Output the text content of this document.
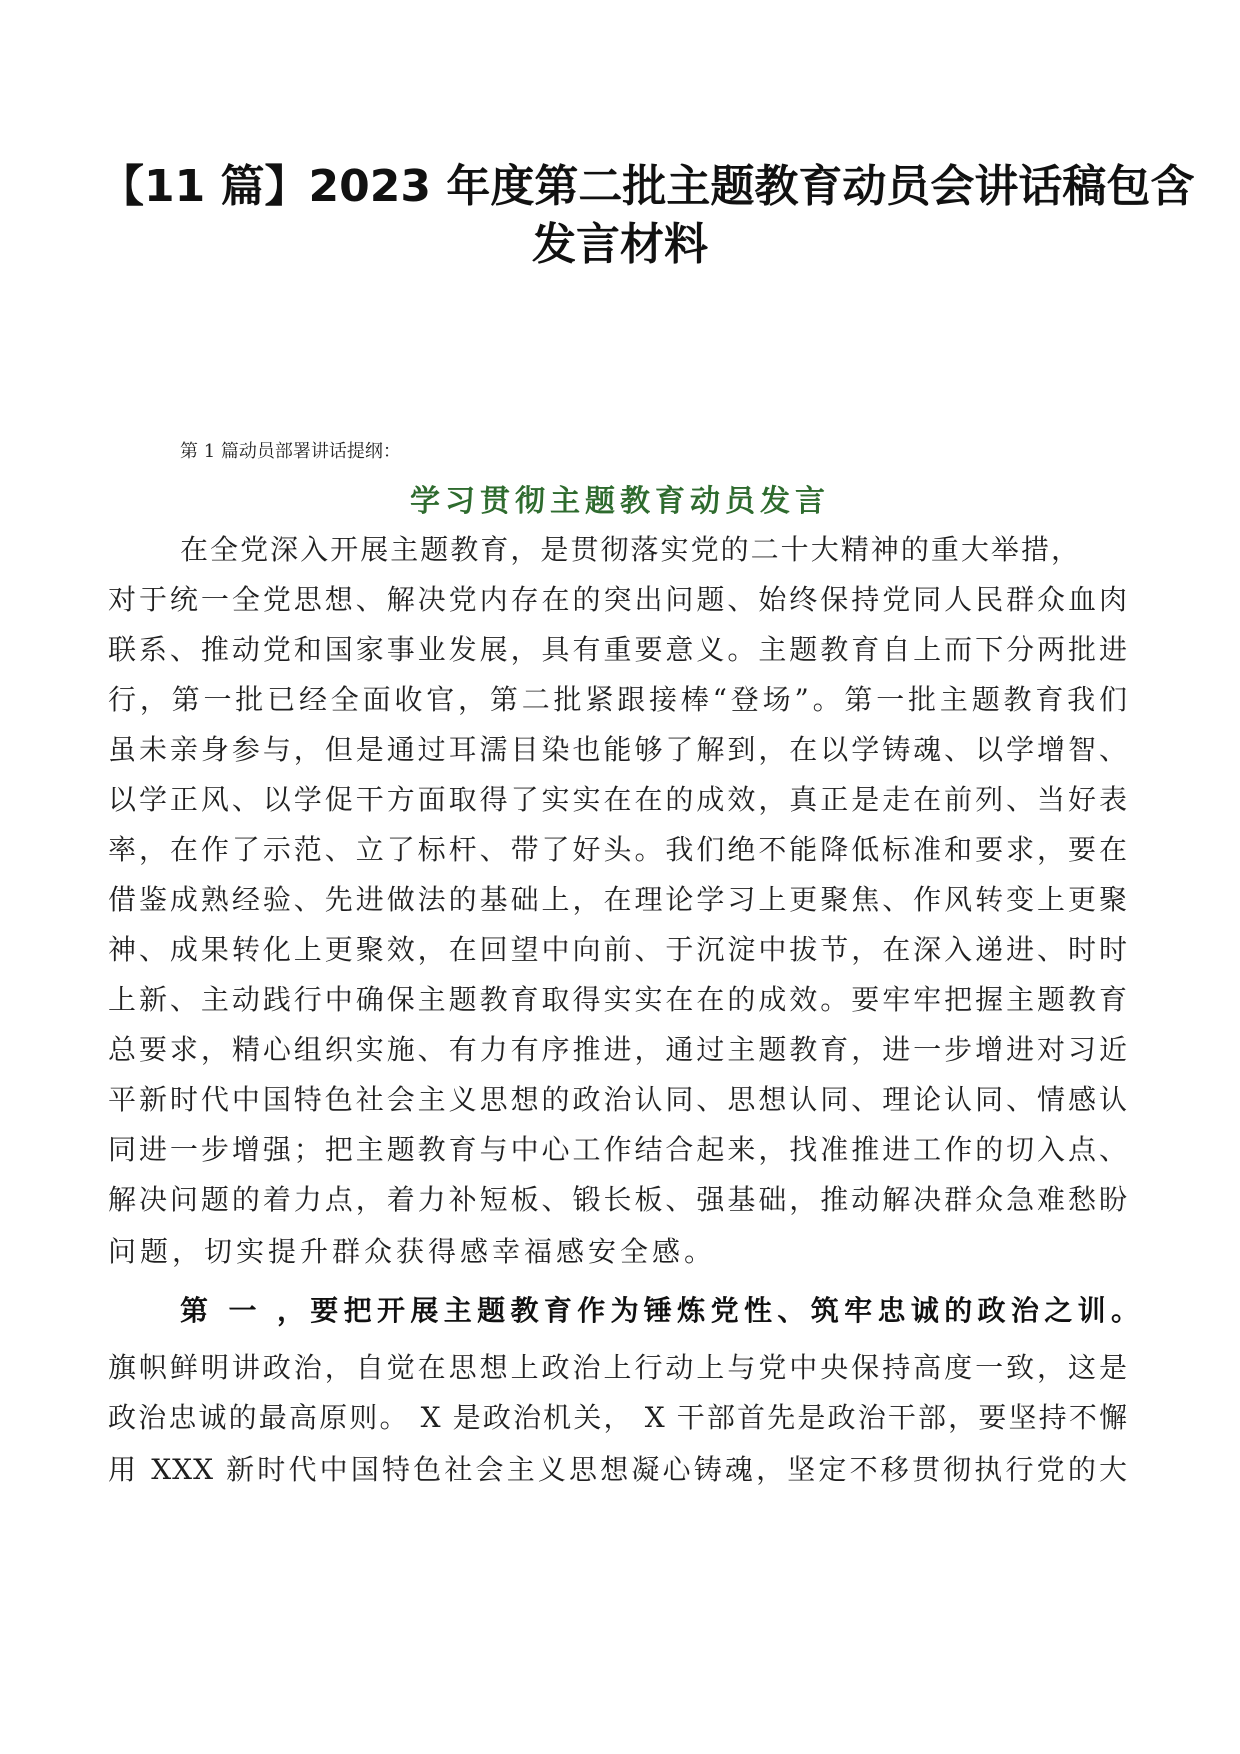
【11 篇】2023 年度第二批主题教育动员会讲话稿包含
发言材料
第 1 篇动员部署讲话提纲：
学习贯彻主题教育动员发言
在全党深入开展主题教育，是贯彻落实党的二十大精神的重大举措，
对于统一全党思想、解决党内存在的突出问题、始终保持党同人民群众血肉
联系、推动党和国家事业发展，具有重要意义。主题教育自上而下分两批进
行，第一批已经全面收官，第二批紧跟接棒“登场”。第一批主题教育我们
虽未亲身参与，但是通过耳濡目染也能够了解到，在以学铸魂、以学增智、
以学正风、以学促干方面取得了实实在在的成效，真正是走在前列、当好表
率，在作了示范、立了标杆、带了好头。我们绝不能降低标准和要求，要在
借鉴成熟经验、先进做法的基础上，在理论学习上更聚焦、作风转变上更聚
神、成果转化上更聚效，在回望中向前、于沉淀中拔节，在深入递进、时时
上新、主动践行中确保主题教育取得实实在在的成效。要牢牢把握主题教育
总要求，精心组织实施、有力有序推进，通过主题教育，进一步增进对习近
平新时代中国特色社会主义思想的政治认同、思想认同、理论认同、情感认
同进一步增强；把主题教育与中心工作结合起来，找准推进工作的切入点、
解决问题的着力点，着力补短板、锻长板、强基础，推动解决群众急难愁盼
问题，切实提升群众获得感幸福感安全感。
第 一 ，要把开展主题教育作为锤炼党性、筑牢忠诚的政治之训。
旗帜鲜明讲政治，自觉在思想上政治上行动上与党中央保持高度一致，这是
政治忠诚的最高原则。 X 是政治机关， X 干部首先是政治干部，要坚持不懈
用 XXX 新时代中国特色社会主义思想凝心铸魂，坚定不移贯彻执行党的大
